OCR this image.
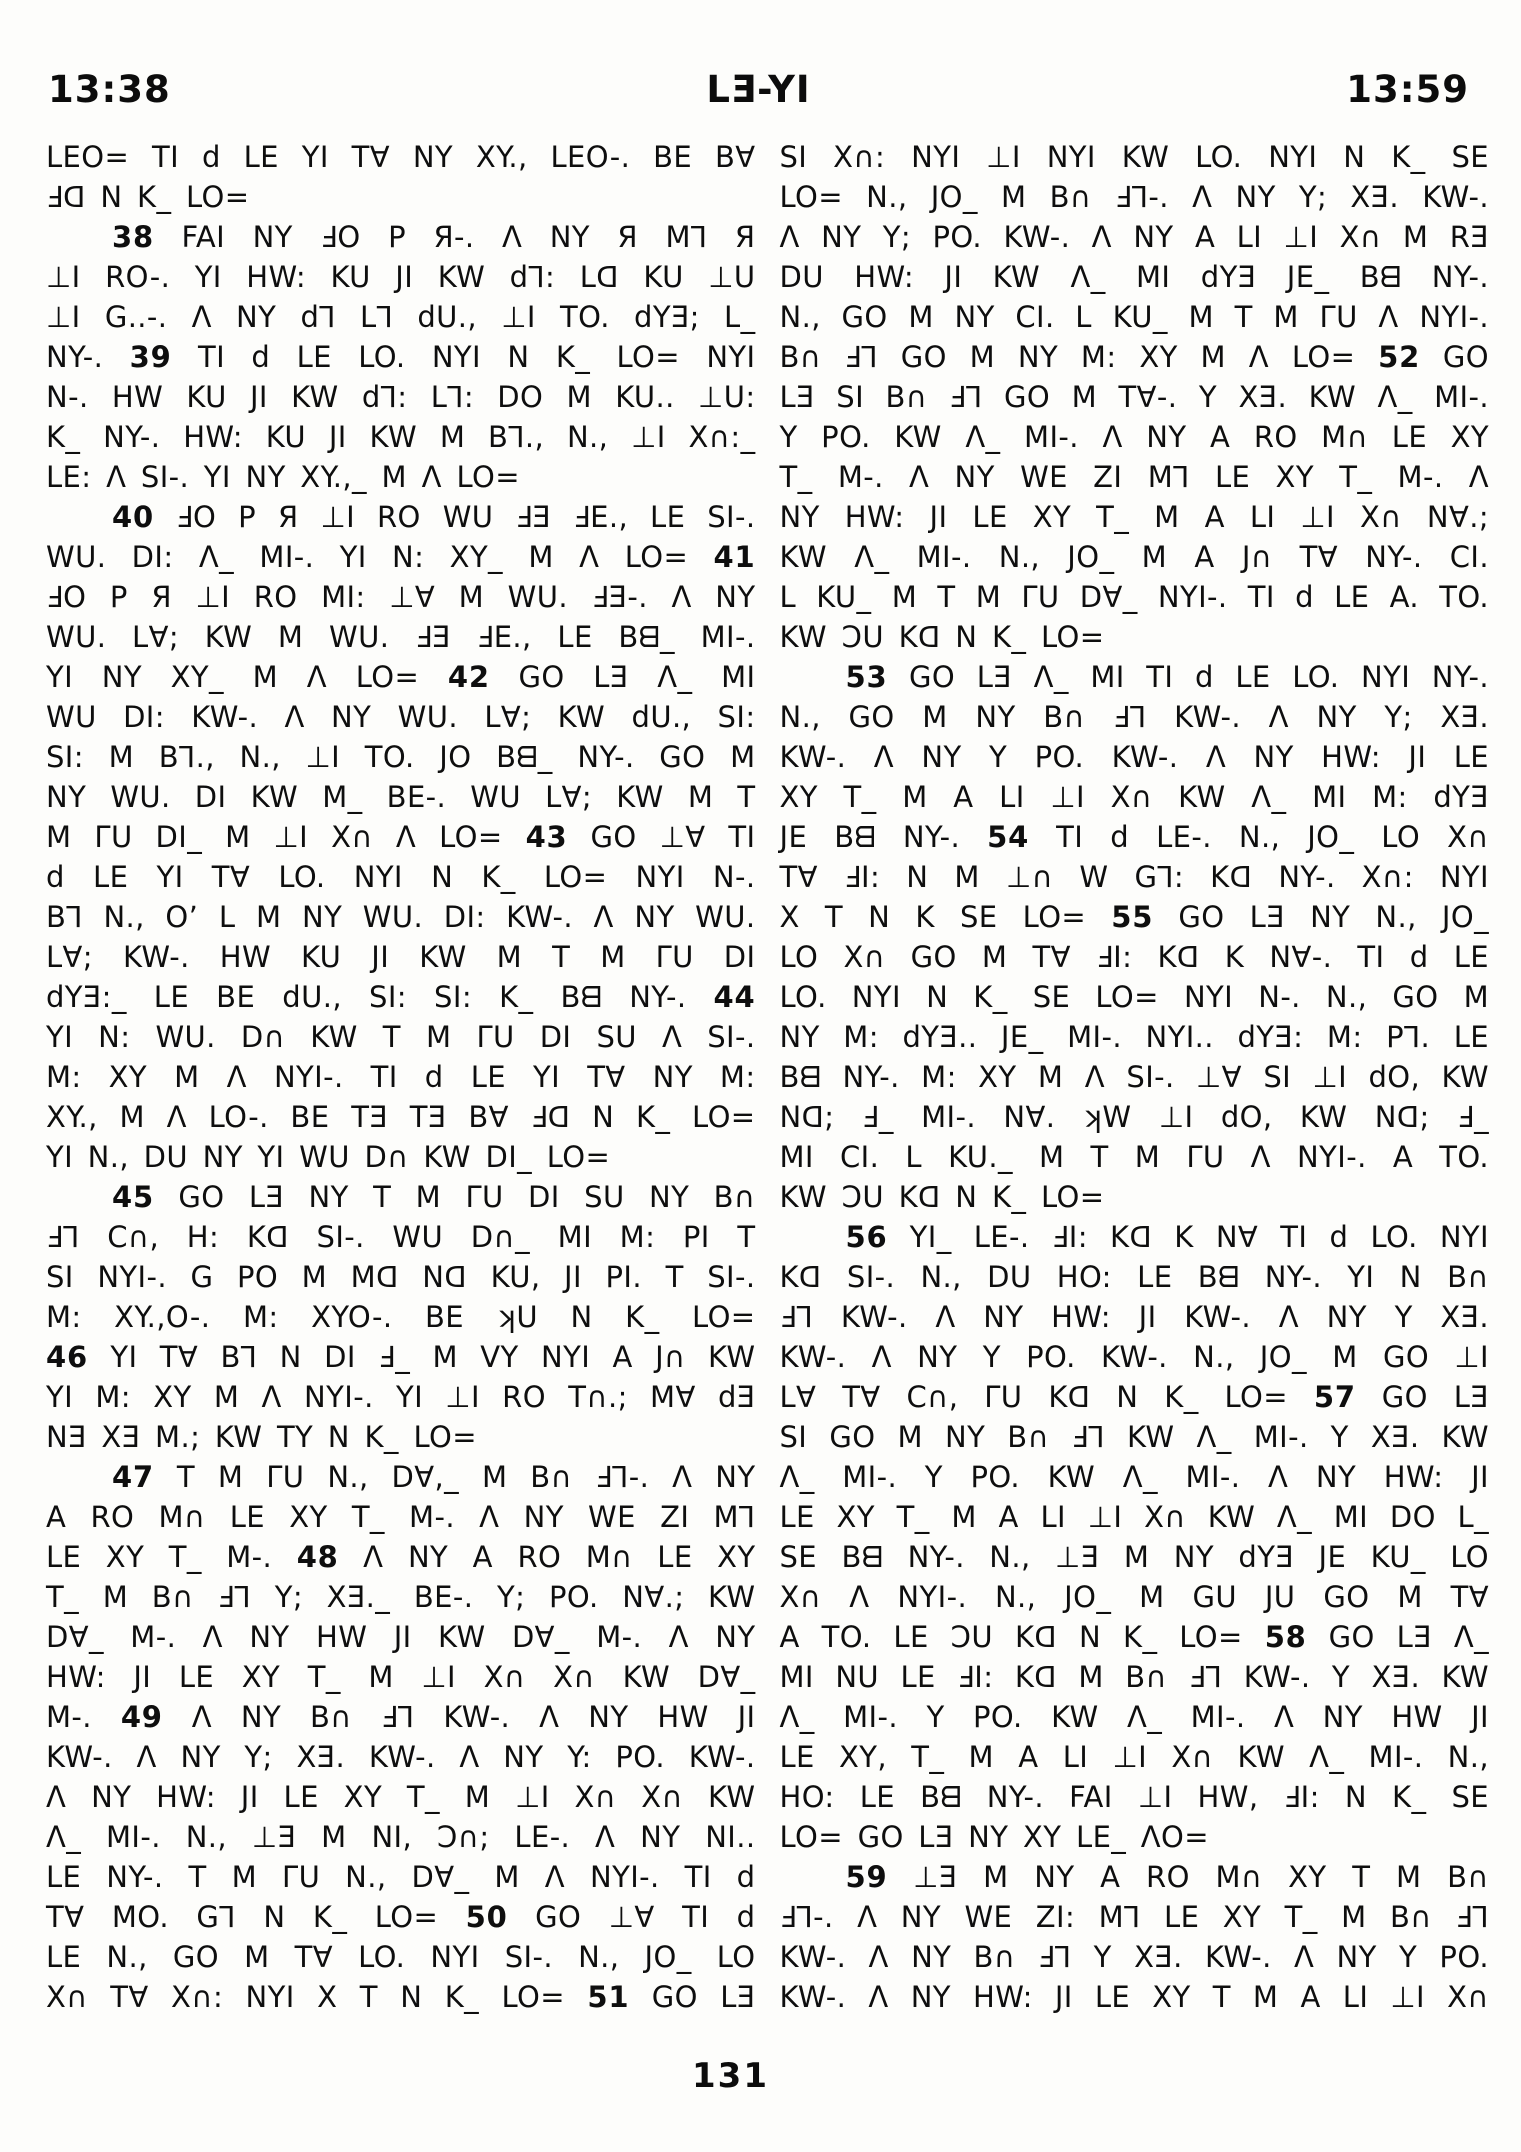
13:38	LƎ-YI	13:59
LEO= TI d LE YI T∀ NY XY., LEO-. BE B∀
Ⅎᗡ N K_ LO=
38 FAI NY ℲO P Я-. Λ NY Я M⅂ Я
⊥I RO-. YI HW: KU JI KW d⅂: Lᗡ KU ⊥U
⊥I G..-. Λ NY d⅂ L⅂ dU., ⊥I TO. dYƎ; L_
NY-. 39 TI d LE LO. NYI N K_ LO= NYI
N-. HW KU JI KW d⅂: L⅂: DO M KU.. ⊥U:
K_ NY-. HW: KU JI KW M B⅂., N., ⊥I X∩:_
LE: Λ SI-. YI NY XY.,_ M Λ LO=
40 ℲO P Я ⊥I RO WU ℲƎ ℲE., LE SI-.
WU. DI: Λ_ MI-. YI N: XY_ M Λ LO= 41
ℲO P Я ⊥I RO MI: ⊥∀ M WU. ℲƎ-. Λ NY
WU. L∀; KW M WU. ℲƎ ℲE., LE Bᗺ_ MI-.
YI NY XY_ M Λ LO= 42 GO LƎ Λ_ MI
WU DI: KW-. Λ NY WU. L∀; KW dU., SI:
SI: M B⅂., N., ⊥I TO. JO Bᗺ_ NY-. GO M
NY WU. DI KW M_ BE-. WU L∀; KW M T
M ΓU DI_ M ⊥I X∩ Λ LO= 43 GO ⊥∀ TI
d LE YI T∀ LO. NYI N K_ LO= NYI N-.
B⅂ N., O’ L M NY WU. DI: KW-. Λ NY WU.
L∀; KW-. HW KU JI KW M T M ΓU DI
dYƎ:_ LE BE dU., SI: SI: K_ Bᗺ NY-. 44
YI N: WU. D∩ KW T M ΓU DI SU Λ SI-.
M: XY M Λ NYI-. TI d LE YI T∀ NY M:
XY., M Λ LO-. BE TƎ TƎ B∀ Ⅎᗡ N K_ LO=
YI N., DU NY YI WU D∩ KW DI_ LO=
45 GO LƎ NY T M ΓU DI SU NY B∩
Ⅎ⅂ C∩, H: Kᗡ SI-. WU D∩_ MI M: PI T
SI NYI-. G PO M Mᗡ Nᗡ KU, JI PI. T SI-.
M: XY.,O-. M: XYO-. BE ʞU N K_ LO=
46 YI T∀ B⅂ N DI Ⅎ_ M VY NYI A J∩ KW
YI M: XY M Λ NYI-. YI ⊥I RO T∩.; M∀ dƎ
NƎ XƎ M.; KW TY N K_ LO=
47 T M ΓU N., D∀,_ M B∩ Ⅎ⅂-. Λ NY
A RO M∩ LE XY T_ M-. Λ NY WE ZI M⅂
LE XY T_ M-. 48 Λ NY A RO M∩ LE XY
T_ M B∩ Ⅎ⅂ Y; XƎ._ BE-. Y; PO. N∀.; KW
D∀_ M-. Λ NY HW JI KW D∀_ M-. Λ NY
HW: JI LE XY T_ M ⊥I X∩ X∩ KW D∀_
M-. 49 Λ NY B∩ Ⅎ⅂ KW-. Λ NY HW JI
KW-. Λ NY Y; XƎ. KW-. Λ NY Y: PO. KW-.
Λ NY HW: JI LE XY T_ M ⊥I X∩ X∩ KW
Λ_ MI-. N., ⊥Ǝ M NI, Ɔ∩; LE-. Λ NY NI..
LE NY-. T M ΓU N., D∀_ M Λ NYI-. TI d
T∀ MO. G⅂ N K_ LO= 50 GO ⊥∀ TI d
LE N., GO M T∀ LO. NYI SI-. N., JO_ LO
X∩ T∀ X∩: NYI X T N K_ LO= 51 GO LƎ
SI X∩: NYI ⊥I NYI KW LO. NYI N K_ SE
LO= N., JO_ M B∩ Ⅎ⅂-. Λ NY Y; XƎ. KW-.
Λ NY Y; PO. KW-. Λ NY A LI ⊥I X∩ M RƎ
DU HW: JI KW Λ_ MI dYƎ JE_ Bᗺ NY-.
N., GO M NY CI. L KU_ M T M ΓU Λ NYI-.
B∩ Ⅎ⅂ GO M NY M: XY M Λ LO= 52 GO
LƎ SI B∩ Ⅎ⅂ GO M T∀-. Y XƎ. KW Λ_ MI-.
Y PO. KW Λ_ MI-. Λ NY A RO M∩ LE XY
T_ M-. Λ NY WE ZI M⅂ LE XY T_ M-. Λ
NY HW: JI LE XY T_ M A LI ⊥I X∩ N∀.;
KW Λ_ MI-. N., JO_ M A J∩ T∀ NY-. CI.
L KU_ M T M ΓU D∀_ NYI-. TI d LE A. TO.
KW ƆU Kᗡ N K_ LO=
53 GO LƎ Λ_ MI TI d LE LO. NYI NY-.
N., GO M NY B∩ Ⅎ⅂ KW-. Λ NY Y; XƎ.
KW-. Λ NY Y PO. KW-. Λ NY HW: JI LE
XY T_ M A LI ⊥I X∩ KW Λ_ MI M: dYƎ
JE Bᗺ NY-. 54 TI d LE-. N., JO_ LO X∩
T∀ ℲI: N M ⊥∩ W G⅂: Kᗡ NY-. X∩: NYI
X T N K SE LO= 55 GO LƎ NY N., JO_
LO X∩ GO M T∀ ℲI: Kᗡ K N∀-. TI d LE
LO. NYI N K_ SE LO= NYI N-. N., GO M
NY M: dYƎ.. JE_ MI-. NYI.. dYƎ: M: P⅂. LE
Bᗺ NY-. M: XY M Λ SI-. ⊥∀ SI ⊥I dO, KW
Nᗡ; Ⅎ_ MI-. N∀. ʞW ⊥I dO, KW Nᗡ; Ⅎ_
MI CI. L KU._ M T M ΓU Λ NYI-. A TO.
KW ƆU Kᗡ N K_ LO=
56 YI_ LE-. ℲI: Kᗡ K N∀ TI d LO. NYI
Kᗡ SI-. N., DU HO: LE Bᗺ NY-. YI N B∩
Ⅎ⅂ KW-. Λ NY HW: JI KW-. Λ NY Y XƎ.
KW-. Λ NY Y PO. KW-. N., JO_ M GO ⊥I
L∀ T∀ C∩, ΓU Kᗡ N K_ LO= 57 GO LƎ
SI GO M NY B∩ Ⅎ⅂ KW Λ_ MI-. Y XƎ. KW
Λ_ MI-. Y PO. KW Λ_ MI-. Λ NY HW: JI
LE XY T_ M A LI ⊥I X∩ KW Λ_ MI DO L_
SE Bᗺ NY-. N., ⊥Ǝ M NY dYƎ JE KU_ LO
X∩ Λ NYI-. N., JO_ M GU JU GO M T∀
A TO. LE ƆU Kᗡ N K_ LO= 58 GO LƎ Λ_
MI NU LE ℲI: Kᗡ M B∩ Ⅎ⅂ KW-. Y XƎ. KW
Λ_ MI-. Y PO. KW Λ_ MI-. Λ NY HW JI
LE XY, T_ M A LI ⊥I X∩ KW Λ_ MI-. N.,
HO: LE Bᗺ NY-. FAI ⊥I HW, ℲI: N K_ SE
LO= GO LƎ NY XY LE_ ΛO=
59 ⊥Ǝ M NY A RO M∩ XY T M B∩
Ⅎ⅂-. Λ NY WE ZI: M⅂ LE XY T_ M B∩ Ⅎ⅂
KW-. Λ NY B∩ Ⅎ⅂ Y XƎ. KW-. Λ NY Y PO.
KW-. Λ NY HW: JI LE XY T M A LI ⊥I X∩
131
